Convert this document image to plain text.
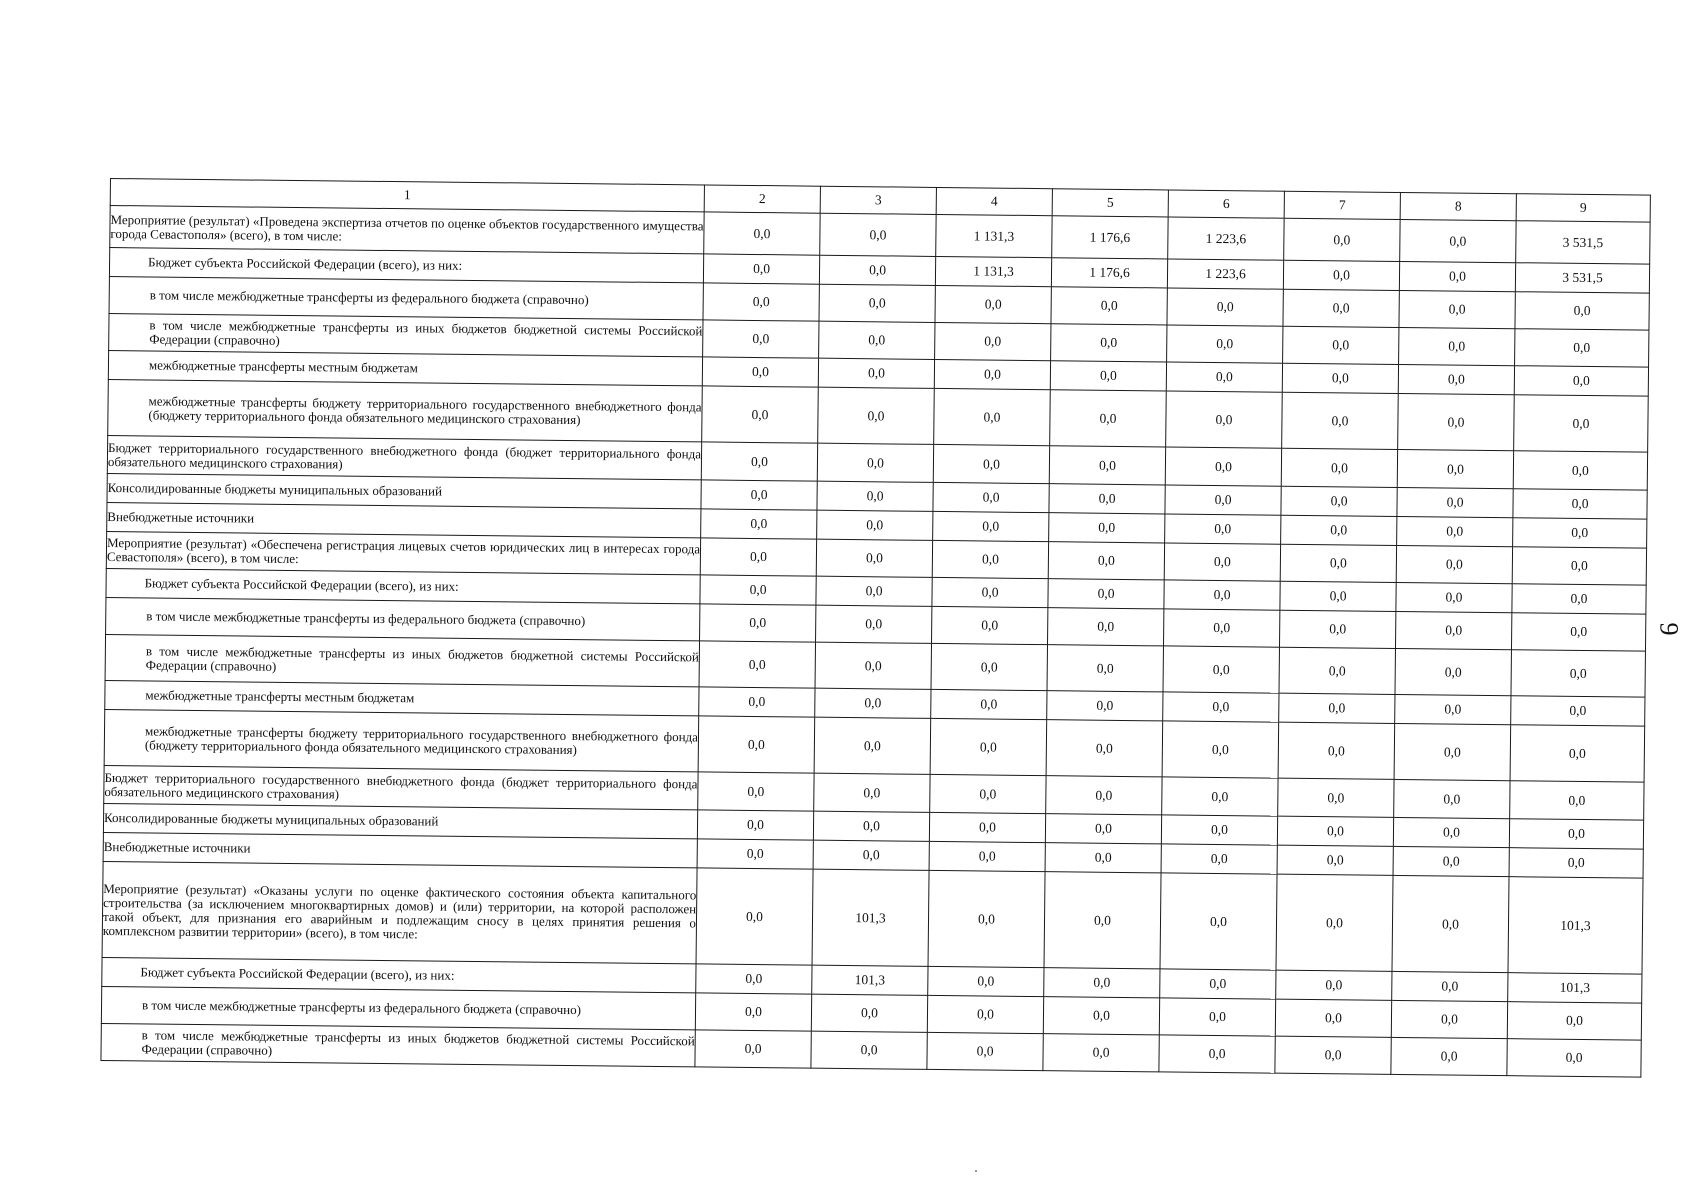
1	2	3	4	5	6	7	8	9
Мероприятие (результат) «Проведена экспертиза отчетов по оценке объектов государственного имущества города Севастополя» (всего), в том числе:	0,0	0,0	1 131,3	1 176,6	1 223,6	0,0	0,0	3 531,5
Бюджет субъекта Российской Федерации (всего), из них:	0,0	0,0	1 131,3	1 176,6	1 223,6	0,0	0,0	3 531,5
в том числе межбюджетные трансферты из федерального бюджета (справочно)	0,0	0,0	0,0	0,0	0,0	0,0	0,0	0,0
в том числе межбюджетные трансферты из иных бюджетов бюджетной системы Российской Федерации (справочно)	0,0	0,0	0,0	0,0	0,0	0,0	0,0	0,0
межбюджетные трансферты местным бюджетам	0,0	0,0	0,0	0,0	0,0	0,0	0,0	0,0
межбюджетные трансферты бюджету территориального государственного внебюджетного фонда (бюджету территориального фонда обязательного медицинского страхования)	0,0	0,0	0,0	0,0	0,0	0,0	0,0	0,0
Бюджет территориального государственного внебюджетного фонда (бюджет территориального фонда обязательного медицинского страхования)	0,0	0,0	0,0	0,0	0,0	0,0	0,0	0,0
Консолидированные бюджеты муниципальных образований	0,0	0,0	0,0	0,0	0,0	0,0	0,0	0,0
Внебюджетные источники	0,0	0,0	0,0	0,0	0,0	0,0	0,0	0,0
Мероприятие (результат) «Обеспечена регистрация лицевых счетов юридических лиц в интересах города Севастополя» (всего), в том числе:	0,0	0,0	0,0	0,0	0,0	0,0	0,0	0,0
Бюджет субъекта Российской Федерации (всего), из них:	0,0	0,0	0,0	0,0	0,0	0,0	0,0	0,0
в том числе межбюджетные трансферты из федерального бюджета (справочно)	0,0	0,0	0,0	0,0	0,0	0,0	0,0	0,0
в том числе межбюджетные трансферты из иных бюджетов бюджетной системы Российской Федерации (справочно)	0,0	0,0	0,0	0,0	0,0	0,0	0,0	0,0
межбюджетные трансферты местным бюджетам	0,0	0,0	0,0	0,0	0,0	0,0	0,0	0,0
межбюджетные трансферты бюджету территориального государственного внебюджетного фонда (бюджету территориального фонда обязательного медицинского страхования)	0,0	0,0	0,0	0,0	0,0	0,0	0,0	0,0
Бюджет территориального государственного внебюджетного фонда (бюджет территориального фонда обязательного медицинского страхования)	0,0	0,0	0,0	0,0	0,0	0,0	0,0	0,0
Консолидированные бюджеты муниципальных образований	0,0	0,0	0,0	0,0	0,0	0,0	0,0	0,0
Внебюджетные источники	0,0	0,0	0,0	0,0	0,0	0,0	0,0	0,0
Мероприятие (результат) «Оказаны услуги по оценке фактического состояния объекта капитального строительства (за исключением многоквартирных домов) и (или) территории, на которой расположен такой объект, для признания его аварийным и подлежащим сносу в целях принятия решения о комплексном развитии территории» (всего), в том числе:	0,0	101,3	0,0	0,0	0,0	0,0	0,0	101,3
Бюджет субъекта Российской Федерации (всего), из них:	0,0	101,3	0,0	0,0	0,0	0,0	0,0	101,3
в том числе межбюджетные трансферты из федерального бюджета (справочно)	0,0	0,0	0,0	0,0	0,0	0,0	0,0	0,0
в том числе межбюджетные трансферты из иных бюджетов бюджетной системы Российской Федерации (справочно)	0,0	0,0	0,0	0,0	0,0	0,0	0,0	0,0
9
